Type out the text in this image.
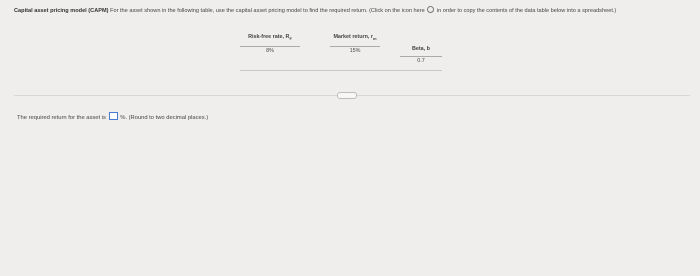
Capital asset pricing model (CAPM) For the asset shown in the following table, use the capital asset pricing model to find the required return. (Click on the icon here in order to copy the contents of the data table below into a spreadsheet.)
Risk-free rate, $R_F$
8%
Market return, $r_m$
15%	Beta, b
0.7
The required return for the asset is %. (Round to two decimal places.)
